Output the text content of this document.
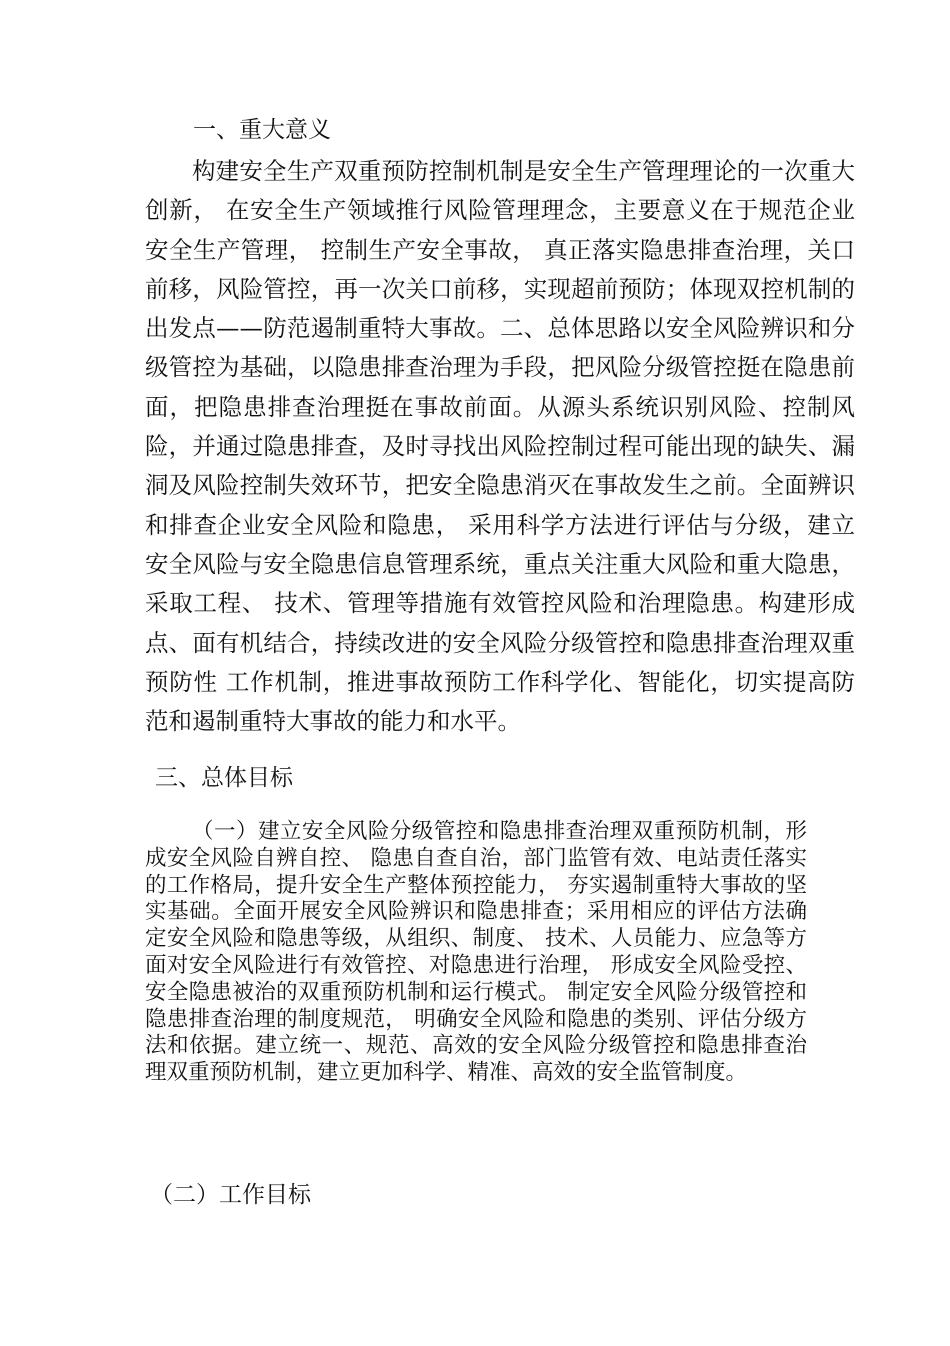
一、重大意义

构建安全生产双重预防控制机制是安全生产管理理论的一次重大创新， 在安全生产领域推行风险管理理念，主要意义在于规范企业安全生产管理， 控制生产安全事故， 真正落实隐患排查治理，关口前移，风险管控，再一次关口前移，实现超前预防；体现双控机制的出发点——防范遏制重特大事故。二、总体思路以安全风险辨识和分级管控为基础，以隐患排查治理为手段，把风险分级管控挺在隐患前面，把隐患排查治理挺在事故前面。从源头系统识别风险、控制风险，并通过隐患排查，及时寻找出风险控制过程可能出现的缺失、漏洞及风险控制失效环节，把安全隐患消灭在事故发生之前。全面辨识和排查企业安全风险和隐患， 采用科学方法进行评估与分级，建立安全风险与安全隐患信息管理系统，重点关注重大风险和重大隐患，采取工程、 技术、管理等措施有效管控风险和治理隐患。构建形成点、面有机结合，持续改进的安全风险分级管控和隐患排查治理双重预防性 工作机制，推进事故预防工作科学化、智能化，切实提高防范和遏制重特大事故的能力和水平。

三、总体目标

（一）建立安全风险分级管控和隐患排查治理双重预防机制，形成安全风险自辨自控、 隐患自查自治，部门监管有效、电站责任落实的工作格局，提升安全生产整体预控能力， 夯实遏制重特大事故的坚实基础。全面开展安全风险辨识和隐患排查；采用相应的评估方法确定安全风险和隐患等级，从组织、制度、 技术、人员能力、应急等方面对安全风险进行有效管控、对隐患进行治理， 形成安全风险受控、安全隐患被治的双重预防机制和运行模式。 制定安全风险分级管控和隐患排查治理的制度规范， 明确安全风险和隐患的类别、评估分级方法和依据。建立统一、规范、高效的安全风险分级管控和隐患排查治理双重预防机制，建立更加科学、精准、高效的安全监管制度。

（二）工作目标
